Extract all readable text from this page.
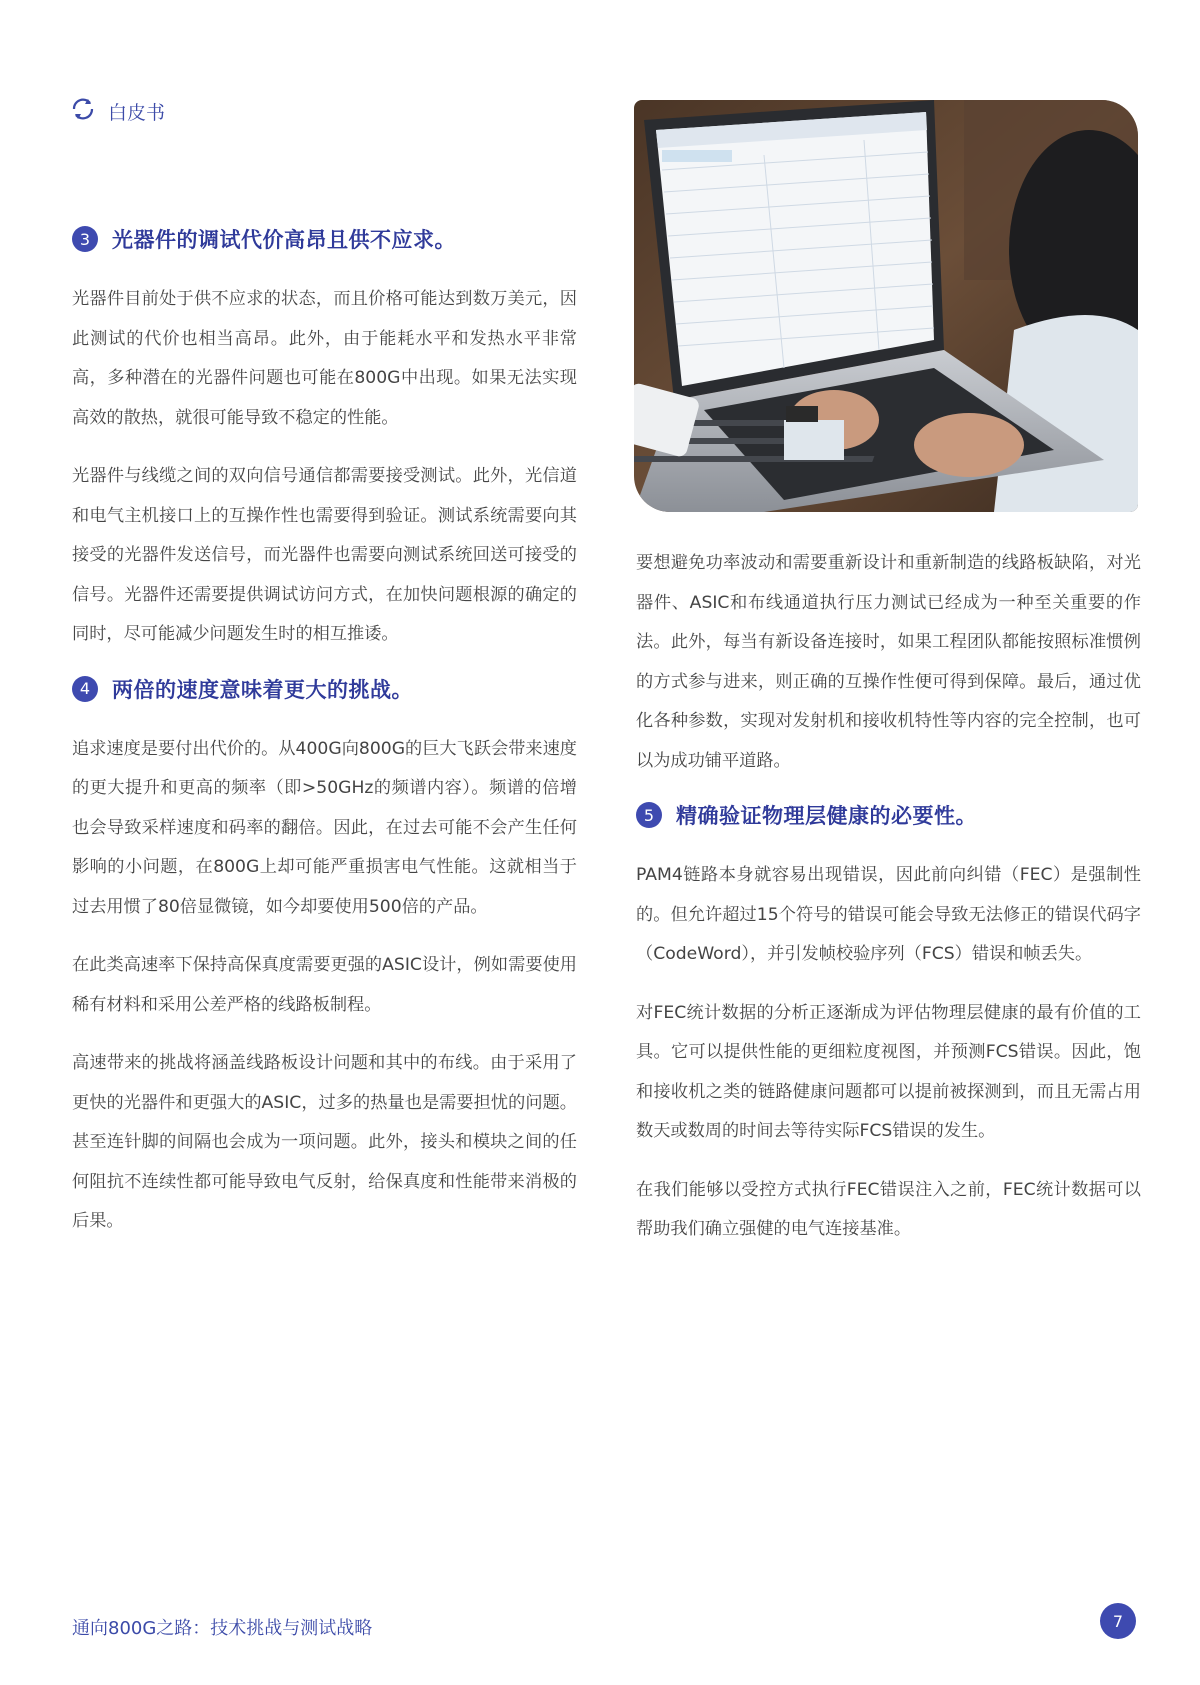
白皮书
3	光器件的调试代价高昂且供不应求。

光器件目前处于供不应求的状态，而且价格可能达到数万美元，因此测试的代价也相当高昂。此外，由于能耗水平和发热水平非常高，多种潜在的光器件问题也可能在800G中出现。如果无法实现高效的散热，就很可能导致不稳定的性能。

光器件与线缆之间的双向信号通信都需要接受测试。此外，光信道和电气主机接口上的互操作性也需要得到验证。测试系统需要向其接受的光器件发送信号，而光器件也需要向测试系统回送可接受的信号。光器件还需要提供调试访问方式，在加快问题根源的确定的同时，尽可能减少问题发生时的相互推诿。

4	两倍的速度意味着更大的挑战。

追求速度是要付出代价的。从400G向800G的巨大飞跃会带来速度的更大提升和更高的频率（即>50GHz的频谱内容）。频谱的倍增也会导致采样速度和码率的翻倍。因此，在过去可能不会产生任何影响的小问题，在800G上却可能严重损害电气性能。这就相当于过去用惯了80倍显微镜，如今却要使用500倍的产品。

在此类高速率下保持高保真度需要更强的ASIC设计，例如需要使用稀有材料和采用公差严格的线路板制程。

高速带来的挑战将涵盖线路板设计问题和其中的布线。由于采用了更快的光器件和更强大的ASIC，过多的热量也是需要担忧的问题。甚至连针脚的间隔也会成为一项问题。此外，接头和模块之间的任何阻抗不连续性都可能导致电气反射，给保真度和性能带来消极的后果。

要想避免功率波动和需要重新设计和重新制造的线路板缺陷，对光器件、ASIC和布线通道执行压力测试已经成为一种至关重要的作法。此外，每当有新设备连接时，如果工程团队都能按照标准惯例的方式参与进来，则正确的互操作性便可得到保障。最后，通过优化各种参数，实现对发射机和接收机特性等内容的完全控制，也可以为成功铺平道路。

5	精确验证物理层健康的必要性。

PAM4链路本身就容易出现错误，因此前向纠错（FEC）是强制性的。但允许超过15个符号的错误可能会导致无法修正的错误代码字（CodeWord），并引发帧校验序列（FCS）错误和帧丢失。

对FEC统计数据的分析正逐渐成为评估物理层健康的最有价值的工具。它可以提供性能的更细粒度视图，并预测FCS错误。因此，饱和接收机之类的链路健康问题都可以提前被探测到，而且无需占用数天或数周的时间去等待实际FCS错误的发生。

在我们能够以受控方式执行FEC错误注入之前，FEC统计数据可以帮助我们确立强健的电气连接基准。

通向800G之路：技术挑战与测试战略	7
